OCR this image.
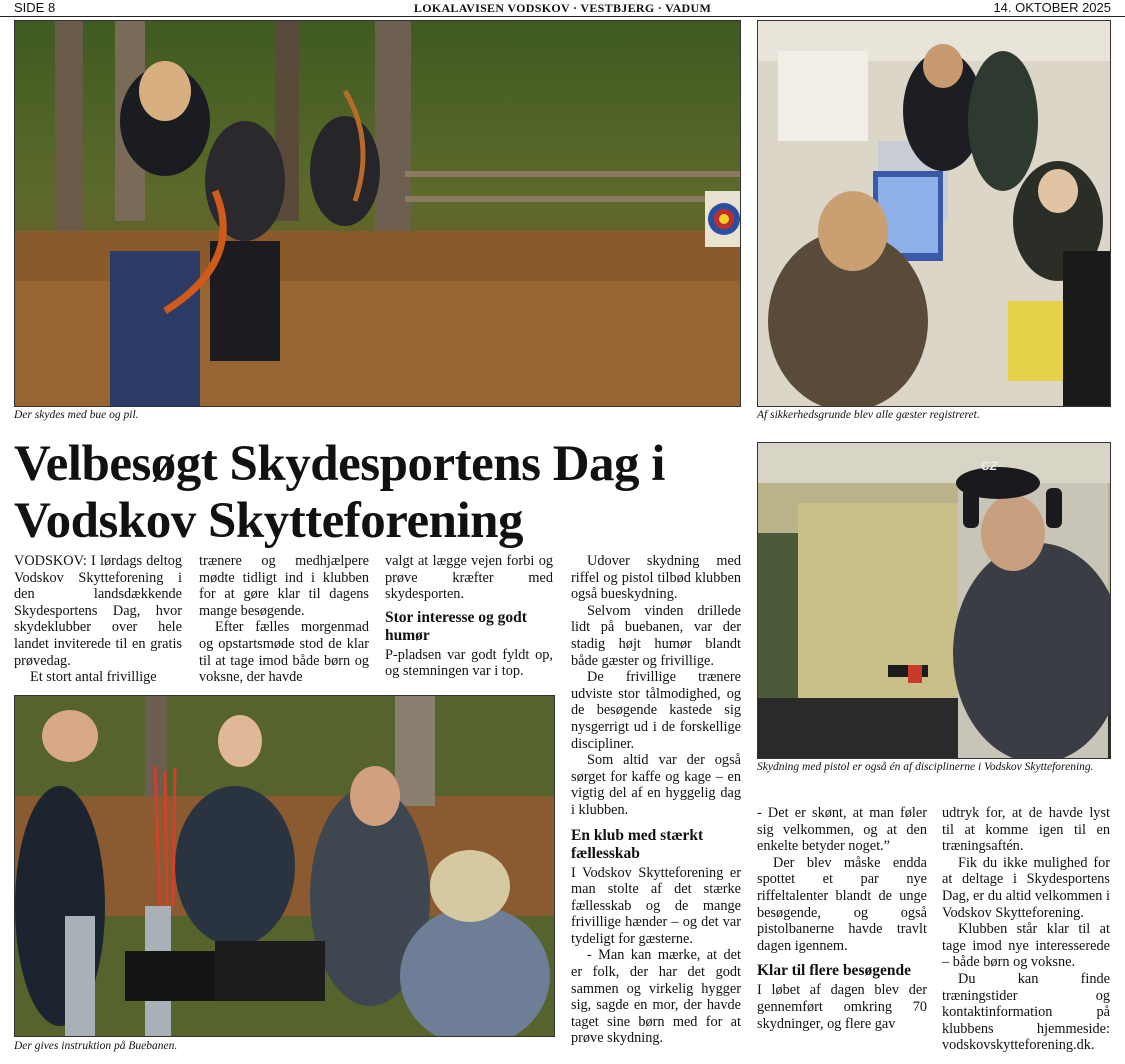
SIDE 8	LOKALAVISEN VODSKOV · VESTBJERG · VADUM	14. OKTOBER 2025
Der skydes med bue og pil.	Af sikkerhedsgrunde blev alle gæster registreret.
Velbesøgt Skydesportens Dag i Vodskov Skytteforening

VODSKOV: I lørdags deltog Vodskov Skytteforening i den landsdækkende Skydesportens Dag, hvor skydeklubber over hele landet inviterede til en gratis prøvedag.

Et stort antal frivillige

trænere og medhjælpere mødte tidligt ind i klubben for at gøre klar til dagens mange besøgende.

Efter fælles morgenmad og opstartsmøde stod de klar til at tage imod både børn og voksne, der havde

valgt at lægge vejen forbi og prøve kræfter med skydesporten.

Stor interesse og godt humør

P-pladsen var godt fyldt op, og stemningen var i top.

Der gives instruktion på Buebanen.

Udover skydning med riffel og pistol tilbød klubben også bueskydning.

Selvom vinden drillede lidt på buebanen, var der stadig højt humør blandt både gæster og frivillige.

De frivillige trænere udviste stor tålmodighed, og de besøgende kastede sig nysgerrigt ud i de forskellige discipliner.

Som altid var der også sørget for kaffe og kage – en vigtig del af en hyggelig dag i klubben.

En klub med stærkt fællesskab

I Vodskov Skytteforening er man stolte af det stærke fællesskab og de mange frivillige hænder – og det var tydeligt for gæsterne.

- Man kan mærke, at det er folk, der har det godt sammen og virkelig hygger sig, sagde en mor, der havde taget sine børn med for at prøve skydning.

CZ
Skydning med pistol er også én af disciplinerne i Vodskov Skytteforening.

- Det er skønt, at man føler sig velkommen, og at den enkelte betyder noget.”

Der blev måske endda spottet et par nye riffeltalenter blandt de unge besøgende, og også pistolbanerne havde travlt dagen igennem.

Klar til flere besøgende

I løbet af dagen blev der gennemført omkring 70 skydninger, og flere gav

udtryk for, at de havde lyst til at komme igen til en træningsaftén.

Fik du ikke mulighed for at deltage i Skydesportens Dag, er du altid velkommen i Vodskov Skytteforening.

Klubben står klar til at tage imod nye interesserede – både børn og voksne.

Du kan finde træningstider og kontaktinformation på klubbens hjemmeside: vodskovskytteforening.dk.
